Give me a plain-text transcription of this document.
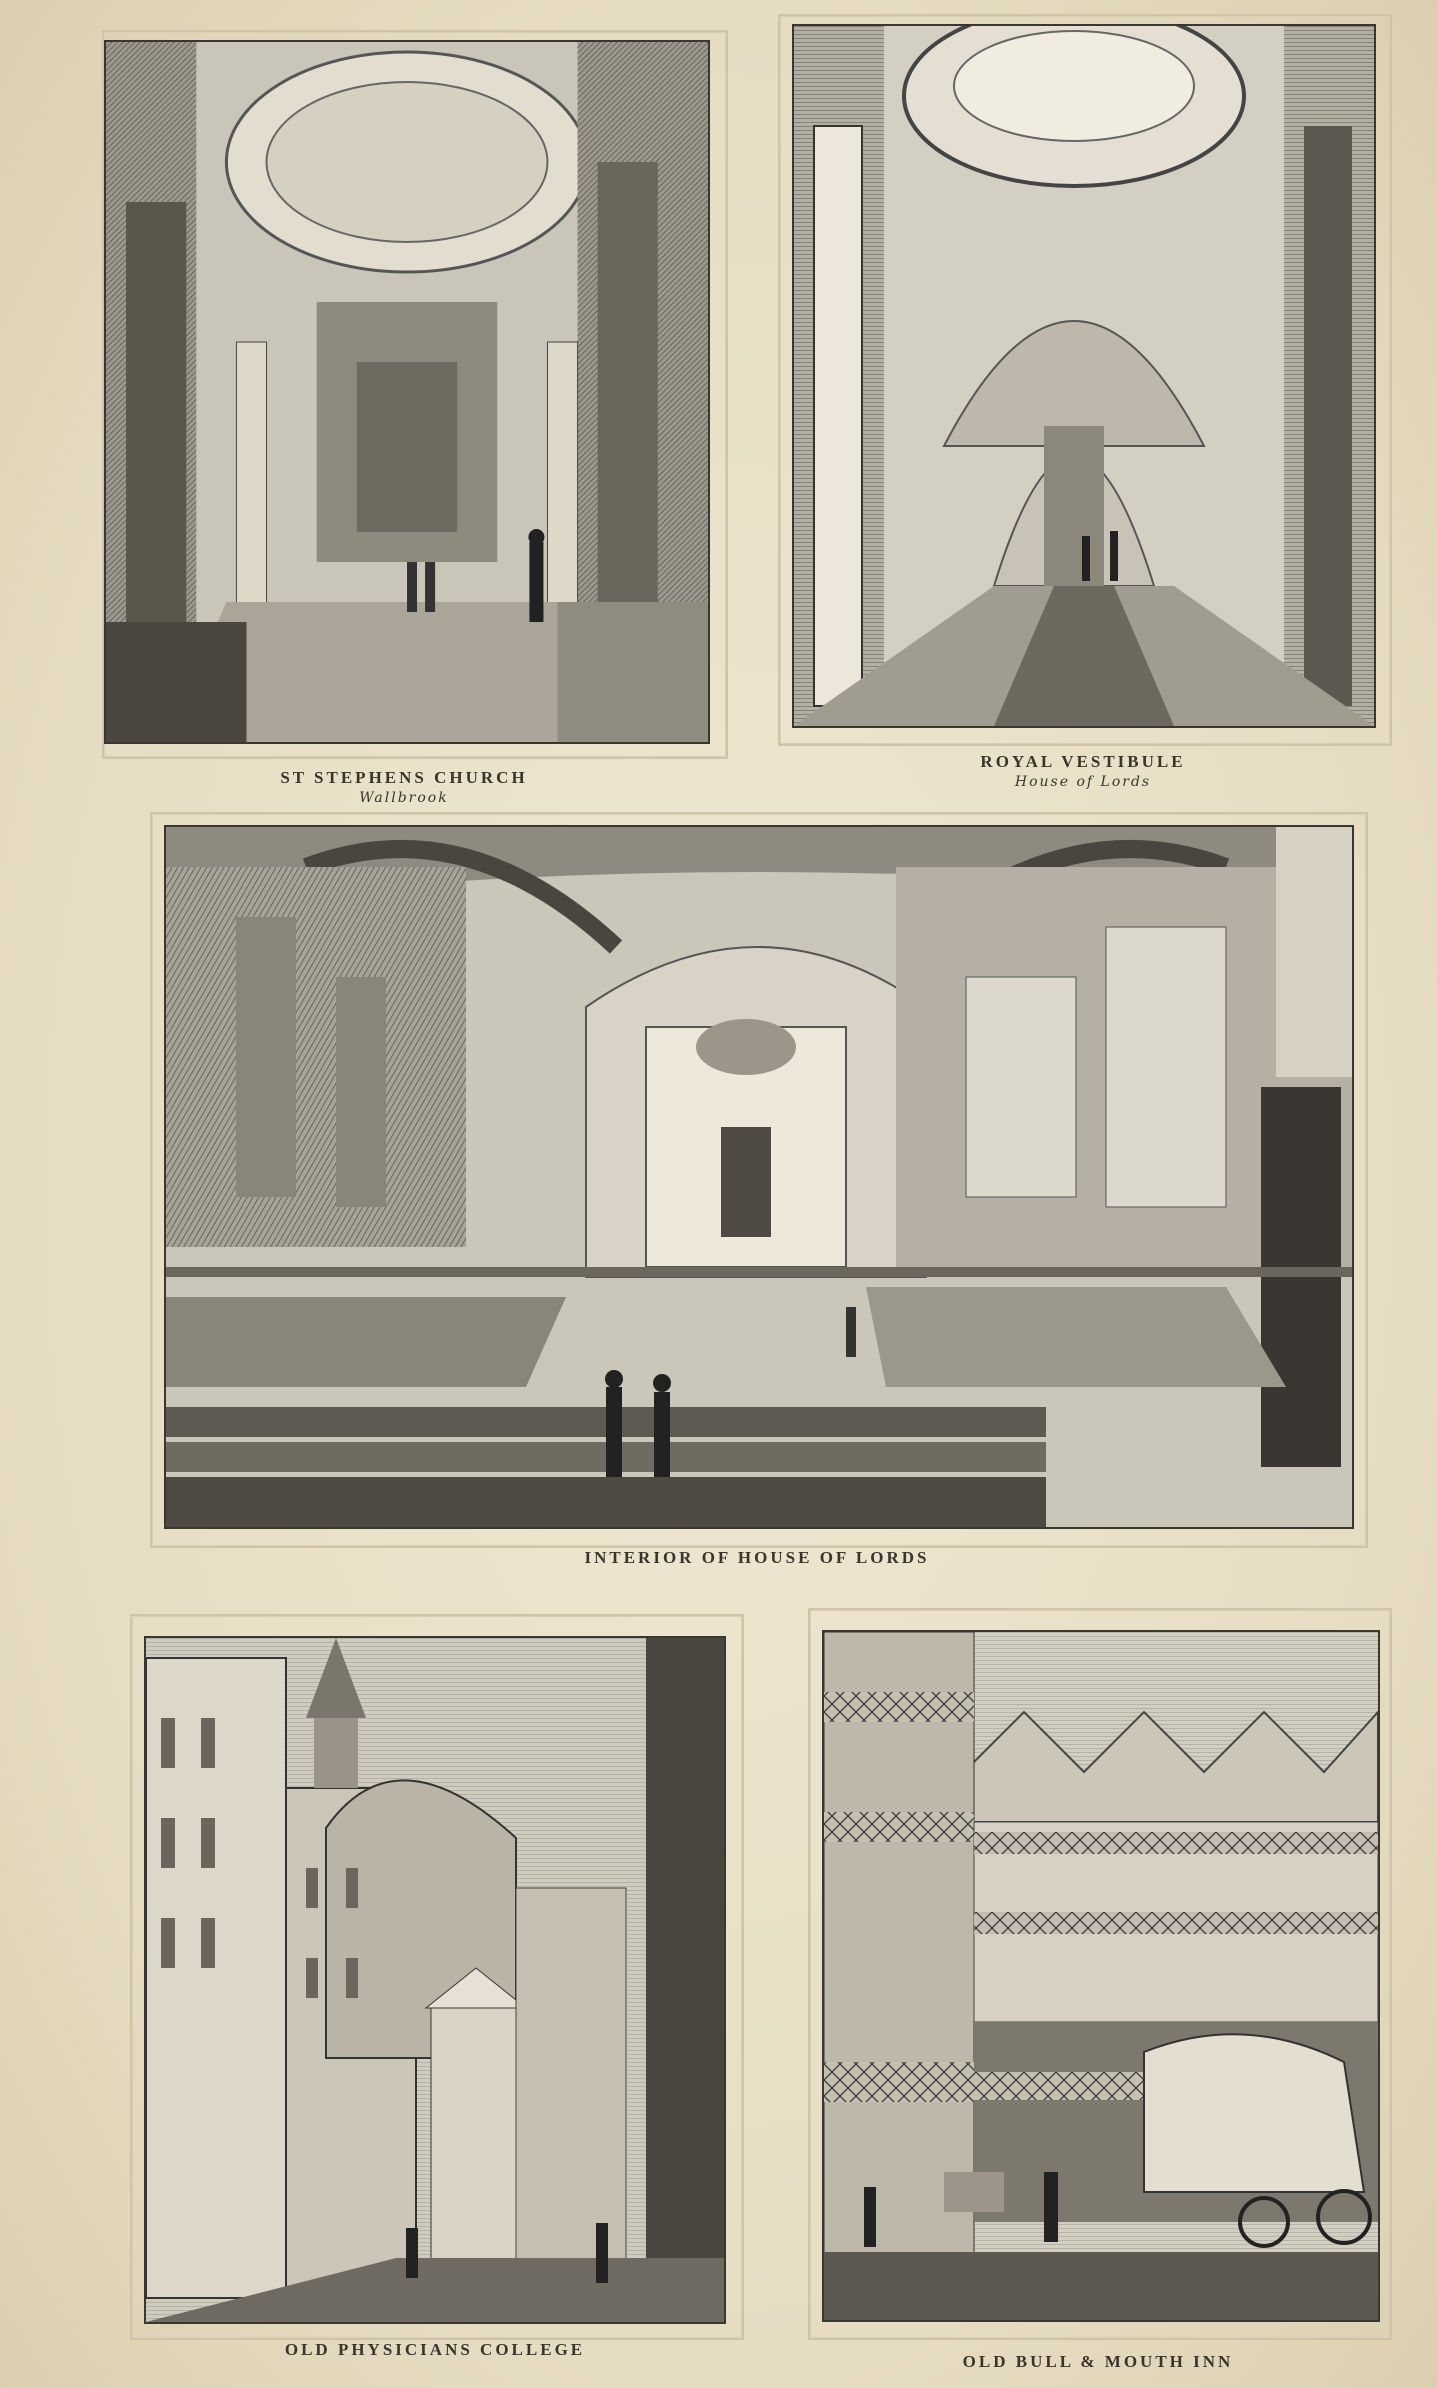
ST STEPHENS CHURCH
Wallbrook
ROYAL VESTIBULE
House of Lords
INTERIOR OF HOUSE OF LORDS
OLD PHYSICIANS COLLEGE
OLD BULL & MOUTH INN
